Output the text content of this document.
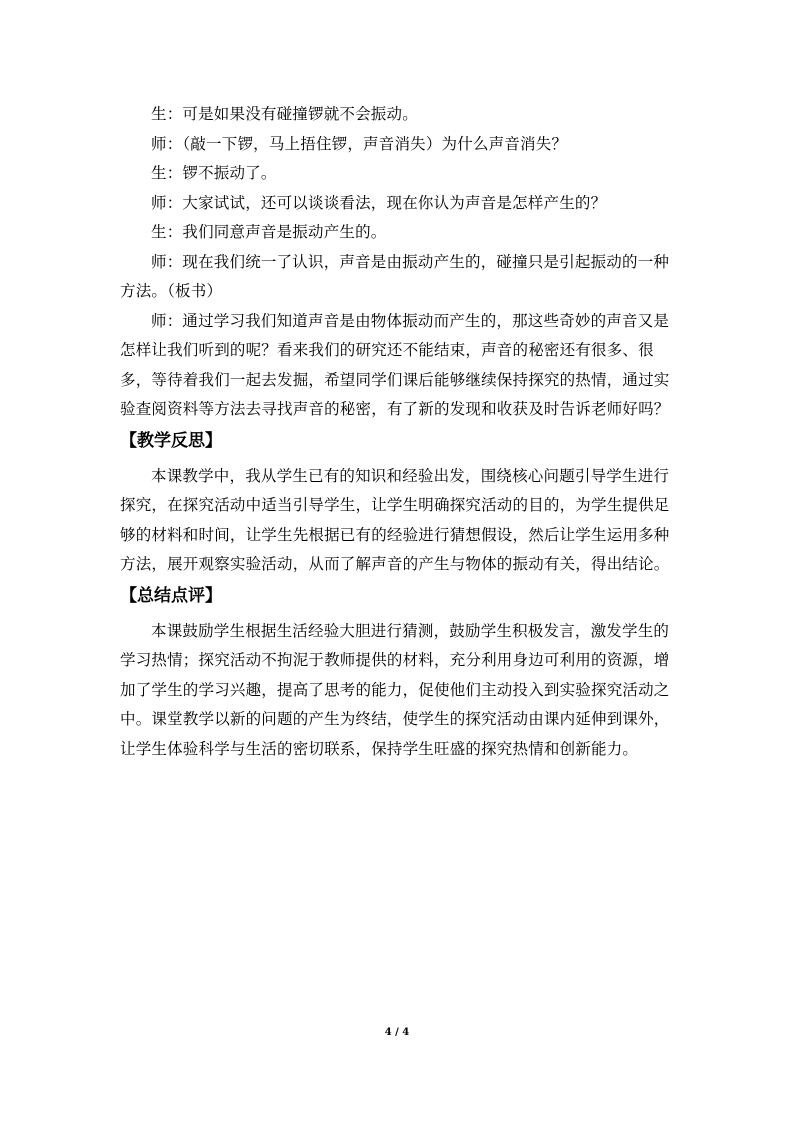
生：可是如果没有碰撞锣就不会振动。

师：（敲一下锣，马上捂住锣，声音消失）为什么声音消失？

生：锣不振动了。

师：大家试试，还可以谈谈看法，现在你认为声音是怎样产生的？

生：我们同意声音是振动产生的。

师：现在我们统一了认识，声音是由振动产生的，碰撞只是引起振动的一种方法。（板书）

师：通过学习我们知道声音是由物体振动而产生的，那这些奇妙的声音又是怎样让我们听到的呢？看来我们的研究还不能结束，声音的秘密还有很多、很多，等待着我们一起去发掘，希望同学们课后能够继续保持探究的热情，通过实验查阅资料等方法去寻找声音的秘密，有了新的发现和收获及时告诉老师好吗？

【教学反思】

本课教学中，我从学生已有的知识和经验出发，围绕核心问题引导学生进行探究，在探究活动中适当引导学生，让学生明确探究活动的目的，为学生提供足够的材料和时间，让学生先根据已有的经验进行猜想假设，然后让学生运用多种方法，展开观察实验活动，从而了解声音的产生与物体的振动有关，得出结论。

【总结点评】

本课鼓励学生根据生活经验大胆进行猜测，鼓励学生积极发言，激发学生的学习热情；探究活动不拘泥于教师提供的材料，充分利用身边可利用的资源，增加了学生的学习兴趣，提高了思考的能力，促使他们主动投入到实验探究活动之中。课堂教学以新的问题的产生为终结，使学生的探究活动由课内延伸到课外，让学生体验科学与生活的密切联系，保持学生旺盛的探究热情和创新能力。

4 / 4
